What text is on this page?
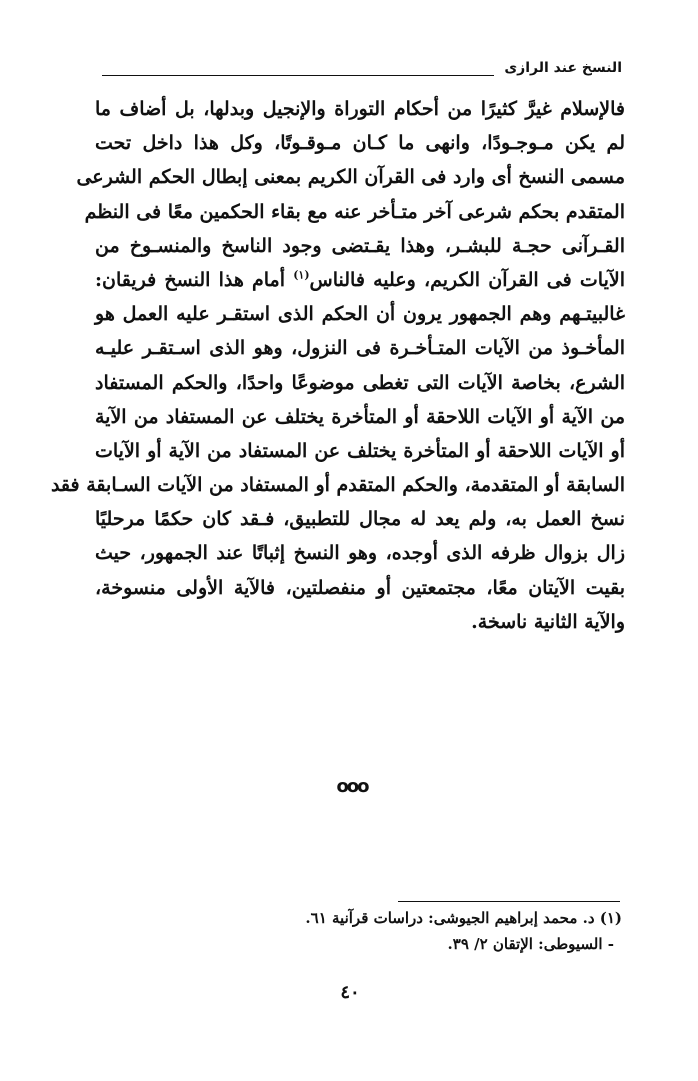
النسخ عند الرازى
فالإسلام غيرَّ كثيرًا من أحكام التوراة والإنجيل وبدلها، بل أضاف ما
لم يكن مـوجـودًا، وانهى ما كـان مـوقـوتًا، وكل هذا داخل تحت
مسمى النسخ أى وارد فى القرآن الكريم بمعنى إبطال الحكم الشرعى
المتقدم بحكم شرعى آخر متـأخر عنه مع بقاء الحكمين معًا فى النظم
القـرآنى حجـة للبشـر، وهذا يقـتضى وجود الناسخ والمنسـوخ من
الآيات فى القرآن الكريم، وعليه فالناس$^{(١)}$ أمام هذا النسخ فريقان:
غالبيتـهم وهم الجمهور يرون أن الحكم الذى استقـر عليه العمل هو
المأخـوذ من الآيات المتـأخـرة فى النزول، وهو الذى اسـتقـر عليـه
الشرع، بخاصة الآيات التى تغطى موضوعًا واحدًا، والحكم المستفاد
من الآية أو الآيات اللاحقة أو المتأخرة يختلف عن المستفاد من الآية
أو الآيات اللاحقة أو المتأخرة يختلف عن المستفاد من الآية أو الآيات
السابقة أو المتقدمة، والحكم المتقدم أو المستفاد من الآيات السـابقة فقد
نسخ العمل به، ولم يعد له مجال للتطبيق، فـقد كان حكمًا مرحليًا
زال بزوال ظرفه الذى أوجده، وهو النسخ إثباتًا عند الجمهور، حيث
بقيت الآيتان معًا، مجتمعتين أو منفصلتين، فالآية الأولى منسوخة،
والآية الثانية ناسخة.
ooo
(١) د. محمد إبراهيم الجيوشى: دراسات قرآنية ٦١.
- السيوطى: الإتقان ٢/ ٣٩.
٤٠
